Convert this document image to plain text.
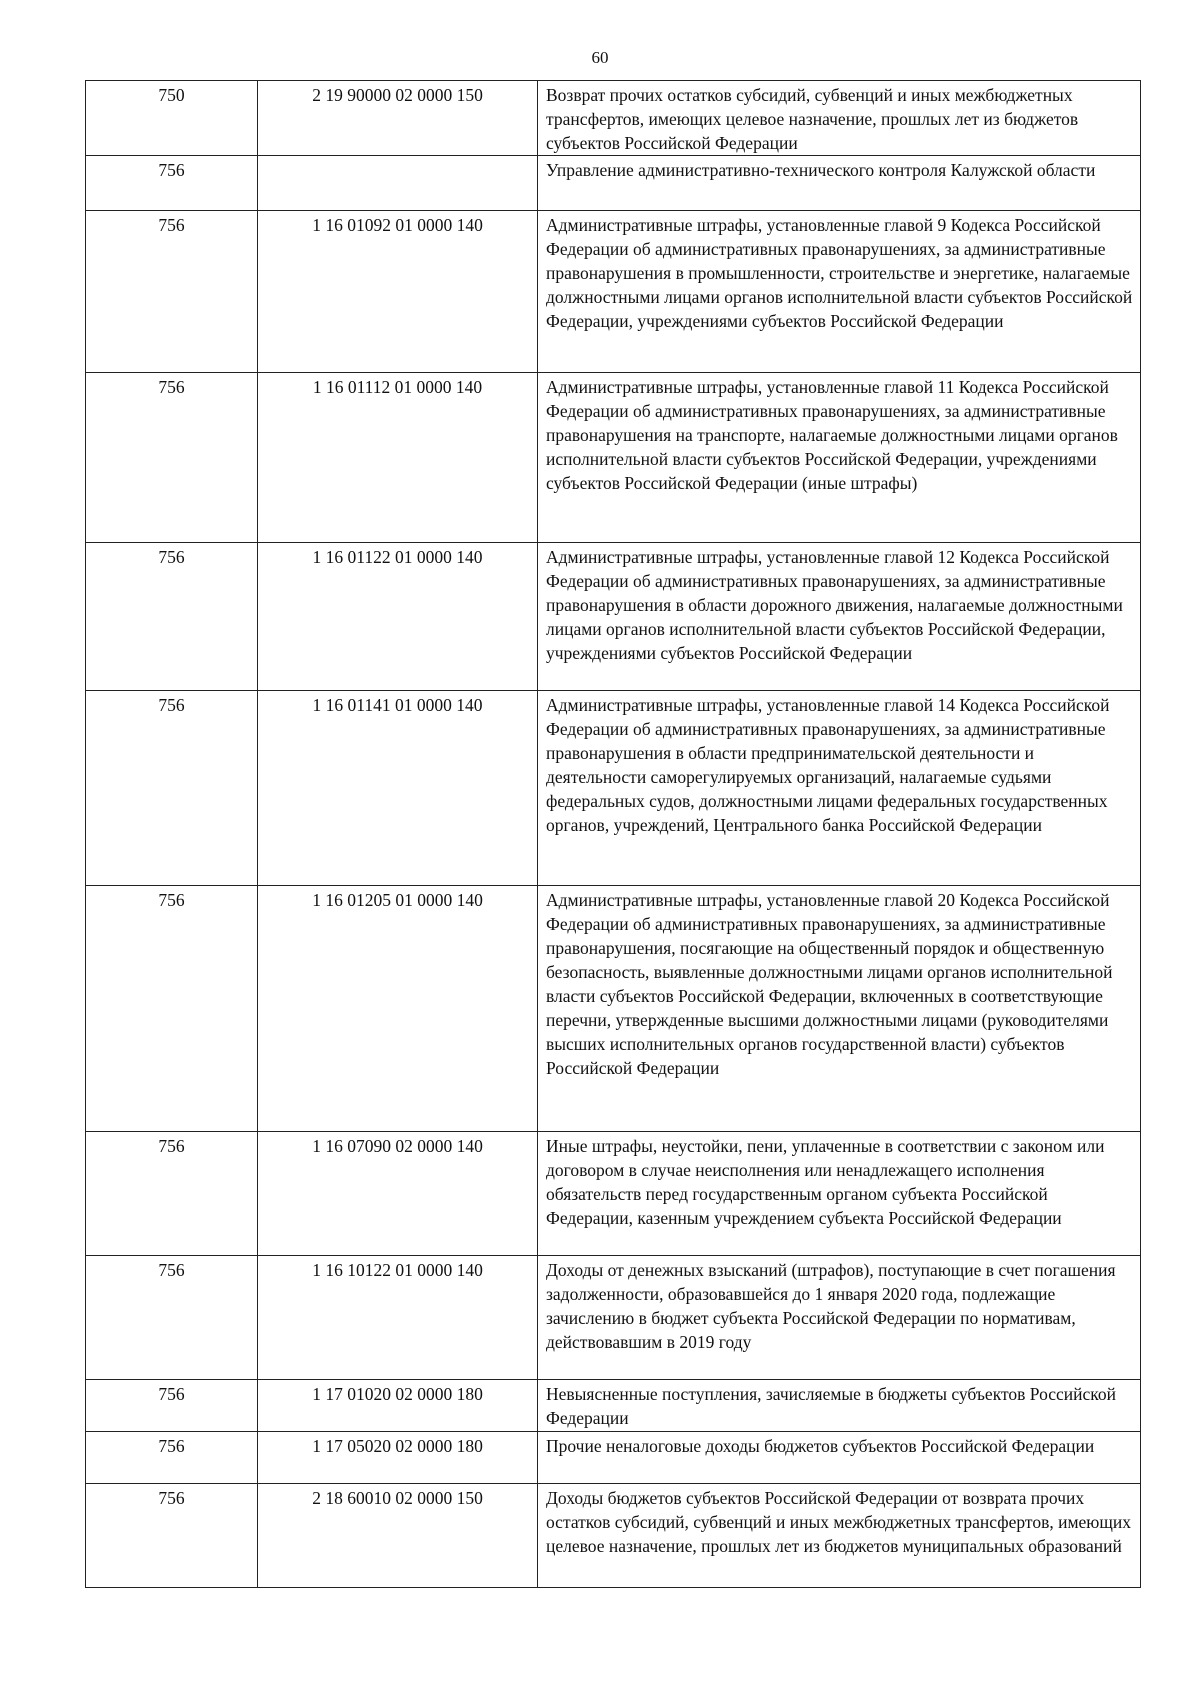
60
750	2 19 90000 02 0000 150	Возврат прочих остатков субсидий, субвенций и иных межбюджетных трансфертов, имеющих целевое назначение, прошлых лет из бюджетов субъектов Российской Федерации
756		Управление административно-технического контроля Калужской области
756	1 16 01092 01 0000 140	Административные штрафы, установленные главой 9 Кодекса Российской Федерации об административных правонарушениях, за административные правонарушения в промышленности, строительстве и энергетике, налагаемые должностными лицами органов исполнительной власти субъектов Российской Федерации, учреждениями субъектов Российской Федерации
756	1 16 01112 01 0000 140	Административные штрафы, установленные главой 11 Кодекса Российской Федерации об административных правонарушениях, за административные правонарушения на транспорте, налагаемые должностными лицами органов исполнительной власти субъектов Российской Федерации, учреждениями субъектов Российской Федерации (иные штрафы)
756	1 16 01122 01 0000 140	Административные штрафы, установленные главой 12 Кодекса Российской Федерации об административных правонарушениях, за административные правонарушения в области дорожного движения, налагаемые должностными лицами органов исполнительной власти субъектов Российской Федерации, учреждениями субъектов Российской Федерации
756	1 16 01141 01 0000 140	Административные штрафы, установленные главой 14 Кодекса Российской Федерации об административных правонарушениях, за административные правонарушения в области предпринимательской деятельности и деятельности саморегулируемых организаций, налагаемые судьями федеральных судов, должностными лицами федеральных государственных органов, учреждений, Центрального банка Российской Федерации
756	1 16 01205 01 0000 140	Административные штрафы, установленные главой 20 Кодекса Российской Федерации об административных правонарушениях, за административные правонарушения, посягающие на общественный порядок и общественную безопасность, выявленные должностными лицами органов исполнительной власти субъектов Российской Федерации, включенных в соответствующие перечни, утвержденные высшими должностными лицами (руководителями высших исполнительных органов государственной власти) субъектов Российской Федерации
756	1 16 07090 02 0000 140	Иные штрафы, неустойки, пени, уплаченные в соответствии с законом или договором в случае неисполнения или ненадлежащего исполнения обязательств перед государственным органом субъекта Российской Федерации, казенным учреждением субъекта Российской Федерации
756	1 16 10122 01 0000 140	Доходы от денежных взысканий (штрафов), поступающие в счет погашения задолженности, образовавшейся до 1 января 2020 года, подлежащие зачислению в бюджет субъекта Российской Федерации по нормативам, действовавшим в 2019 году
756	1 17 01020 02 0000 180	Невыясненные поступления, зачисляемые в бюджеты субъектов Российской Федерации
756	1 17 05020 02 0000 180	Прочие неналоговые доходы бюджетов субъектов Российской Федерации
756	2 18 60010 02 0000 150	Доходы бюджетов субъектов Российской Федерации от возврата прочих остатков субсидий, субвенций и иных межбюджетных трансфертов, имеющих целевое назначение, прошлых лет из бюджетов муниципальных образований
